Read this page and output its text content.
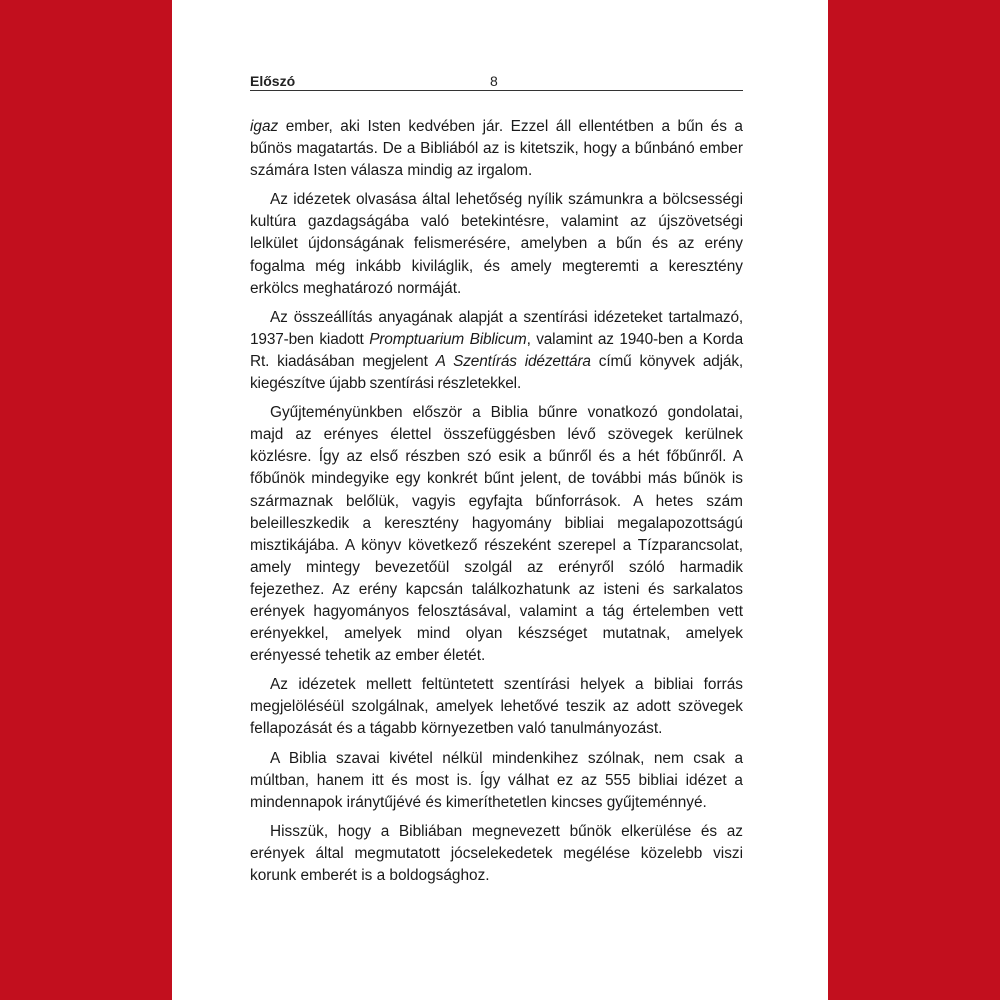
Előszó	8

igaz ember, aki Isten kedvében jár. Ezzel áll ellentétben a bűn és a bűnös magatartás. De a Bibliából az is kitetszik, hogy a bűnbánó ember számára Isten válasza mindig az irgalom.

Az idézetek olvasása által lehetőség nyílik számunkra a bölcsességi kultúra gazdagságába való betekintésre, valamint az újszövetségi lelkület újdonságának felismerésére, amelyben a bűn és az erény fogalma még inkább kiviláglik, és amely megteremti a keresztény erkölcs meghatározó normáját.

Az összeállítás anyagának alapját a szentírási idézeteket tartalmazó, 1937-ben kiadott Promptuarium Biblicum, valamint az 1940-ben a Korda Rt. kiadásában megjelent A Szentírás idézettára című könyvek adják, kiegészítve újabb szentírási részletekkel.

Gyűjteményünkben először a Biblia bűnre vonatkozó gondolatai, majd az erényes élettel összefüggésben lévő szövegek kerülnek közlésre. Így az első részben szó esik a bűnről és a hét főbűnről. A főbűnök mindegyike egy konkrét bűnt jelent, de további más bűnök is származnak belőlük, vagyis egyfajta bűnforrások. A hetes szám beleilleszkedik a keresztény hagyomány bibliai megalapozottságú misztikájába. A könyv következő részeként szerepel a Tízparancsolat, amely mintegy bevezetőül szolgál az erényről szóló harmadik fejezethez. Az erény kapcsán találkozhatunk az isteni és sarkalatos erények hagyományos felosztásával, valamint a tág értelemben vett erényekkel, amelyek mind olyan készséget mutatnak, amelyek erényessé tehetik az ember életét.

Az idézetek mellett feltüntetett szentírási helyek a bibliai forrás megjelöléséül szolgálnak, amelyek lehetővé teszik az adott szövegek fellapozását és a tágabb környezetben való tanulmányozást.

A Biblia szavai kivétel nélkül mindenkihez szólnak, nem csak a múltban, hanem itt és most is. Így válhat ez az 555 bibliai idézet a mindennapok iránytűjévé és kimeríthetetlen kincses gyűjteménnyé.

Hisszük, hogy a Bibliában megnevezett bűnök elkerülése és az erények által megmutatott jócselekedetek megélése közelebb viszi korunk emberét is a boldogsághoz.
